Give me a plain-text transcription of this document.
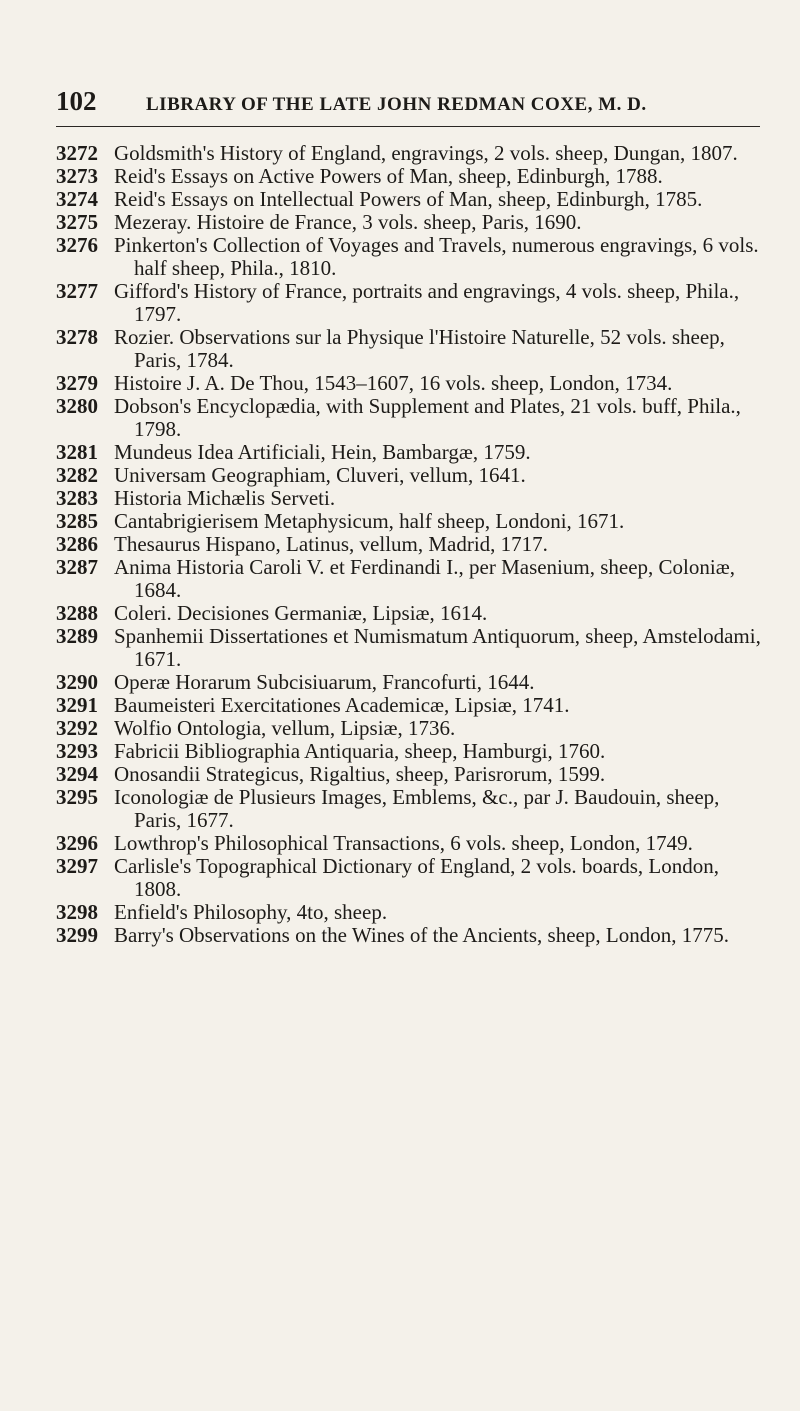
102	LIBRARY OF THE LATE JOHN REDMAN COXE, M. D.
3272 Goldsmith's History of England, engravings, 2 vols. sheep, Dungan, 1807.
3273 Reid's Essays on Active Powers of Man, sheep, Edinburgh, 1788.
3274 Reid's Essays on Intellectual Powers of Man, sheep, Edinburgh, 1785.
3275 Mezeray. Histoire de France, 3 vols. sheep, Paris, 1690.
3276 Pinkerton's Collection of Voyages and Travels, numerous engravings, 6 vols. half sheep, Phila., 1810.
3277 Gifford's History of France, portraits and engravings, 4 vols. sheep, Phila., 1797.
3278 Rozier. Observations sur la Physique l'Histoire Naturelle, 52 vols. sheep, Paris, 1784.
3279 Histoire J. A. De Thou, 1543–1607, 16 vols. sheep, London, 1734.
3280 Dobson's Encyclopædia, with Supplement and Plates, 21 vols. buff, Phila., 1798.
3281 Mundeus Idea Artificiali, Hein, Bambargæ, 1759.
3282 Universam Geographiam, Cluveri, vellum, 1641.
3283 Historia Michælis Serveti.
3285 Cantabrigierisem Metaphysicum, half sheep, Londoni, 1671.
3286 Thesaurus Hispano, Latinus, vellum, Madrid, 1717.
3287 Anima Historia Caroli V. et Ferdinandi I., per Masenium, sheep, Coloniæ, 1684.
3288 Coleri. Decisiones Germaniæ, Lipsiæ, 1614.
3289 Spanhemii Dissertationes et Numismatum Antiquorum, sheep, Amstelodami, 1671.
3290 Operæ Horarum Subcisiuarum, Francofurti, 1644.
3291 Baumeisteri Exercitationes Academicæ, Lipsiæ, 1741.
3292 Wolfio Ontologia, vellum, Lipsiæ, 1736.
3293 Fabricii Bibliographia Antiquaria, sheep, Hamburgi, 1760.
3294 Onosandii Strategicus, Rigaltius, sheep, Parisrorum, 1599.
3295 Iconologiæ de Plusieurs Images, Emblems, &c., par J. Baudouin, sheep, Paris, 1677.
3296 Lowthrop's Philosophical Transactions, 6 vols. sheep, London, 1749.
3297 Carlisle's Topographical Dictionary of England, 2 vols. boards, London, 1808.
3298 Enfield's Philosophy, 4to, sheep.
3299 Barry's Observations on the Wines of the Ancients, sheep, London, 1775.
